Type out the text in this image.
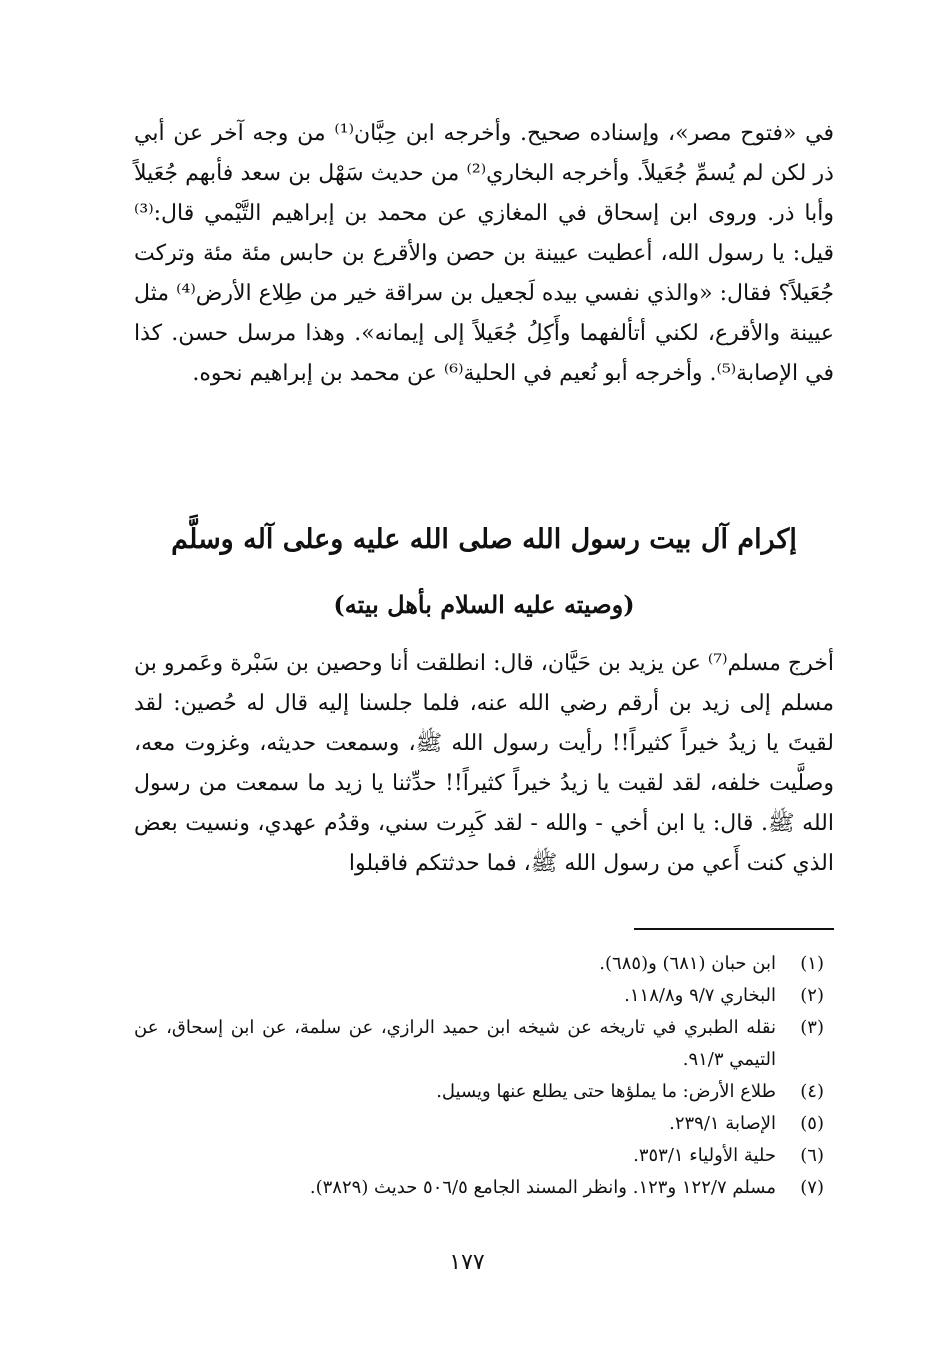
في «فتوح مصر»، وإسناده صحيح. وأخرجه ابن حِبَّان⁽¹⁾ من وجه آخر عن أبي ذر لكن لم يُسمِّ جُعَيلاً. وأخرجه البخاري⁽²⁾ من حديث سَهْل بن سعد فأبهم جُعَيلاً وأبا ذر. وروى ابن إسحاق في المغازي عن محمد بن إبراهيم التَّيْمي قال:⁽³⁾ قيل: يا رسول الله، أعطيت عيينة بن حصن والأقرع بن حابس مئة مئة وتركت جُعَيلاً؟ فقال: «والذي نفسي بيده لَجعيل بن سراقة خير من طِلاع الأرض⁽⁴⁾ مثل عيينة والأقرع، لكني أتألفهما وأَكِلُ جُعَيلاً إلى إيمانه». وهذا مرسل حسن. كذا في الإصابة⁽⁵⁾. وأخرجه أبو نُعيم في الحلية⁽⁶⁾ عن محمد بن إبراهيم نحوه.

إكرام آل بيت رسول الله صلى الله عليه وعلى آله وسلَّم
(وصيته عليه السلام بأهل بيته)

أخرج مسلم⁽⁷⁾ عن يزيد بن حَيَّان، قال: انطلقت أنا وحصين بن سَبْرة وعَمرو بن مسلم إلى زيد بن أرقم رضي الله عنه، فلما جلسنا إليه قال له حُصين: لقد لقيتَ يا زيدُ خيراً كثيراً!! رأيت رسول الله ﷺ، وسمعت حديثه، وغزوت معه، وصلَّيت خلفه، لقد لقيت يا زيدُ خيراً كثيراً!! حدِّثنا يا زيد ما سمعت من رسول الله ﷺ. قال: يا ابن أخي - والله - لقد كَبِرت سني، وقدُم عهدي، ونسيت بعض الذي كنت أَعي من رسول الله ﷺ، فما حدثتكم فاقبلوا

(١)
ابن حبان (٦٨١) و(٦٨٥).
(٢)
البخاري ٩/٧ و١١٨/٨.
(٣)
نقله الطبري في تاريخه عن شيخه ابن حميد الرازي، عن سلمة، عن ابن إسحاق، عن التيمي ٩١/٣.
(٤)
طلاع الأرض: ما يملؤها حتى يطلع عنها ويسيل.
(٥)
الإصابة ٢٣٩/١.
(٦)
حلية الأولياء ٣٥٣/١.
(٧)
مسلم ١٢٢/٧ و١٢٣. وانظر المسند الجامع ٥٠٦/٥ حديث (٣٨٢٩).
١٧٧
